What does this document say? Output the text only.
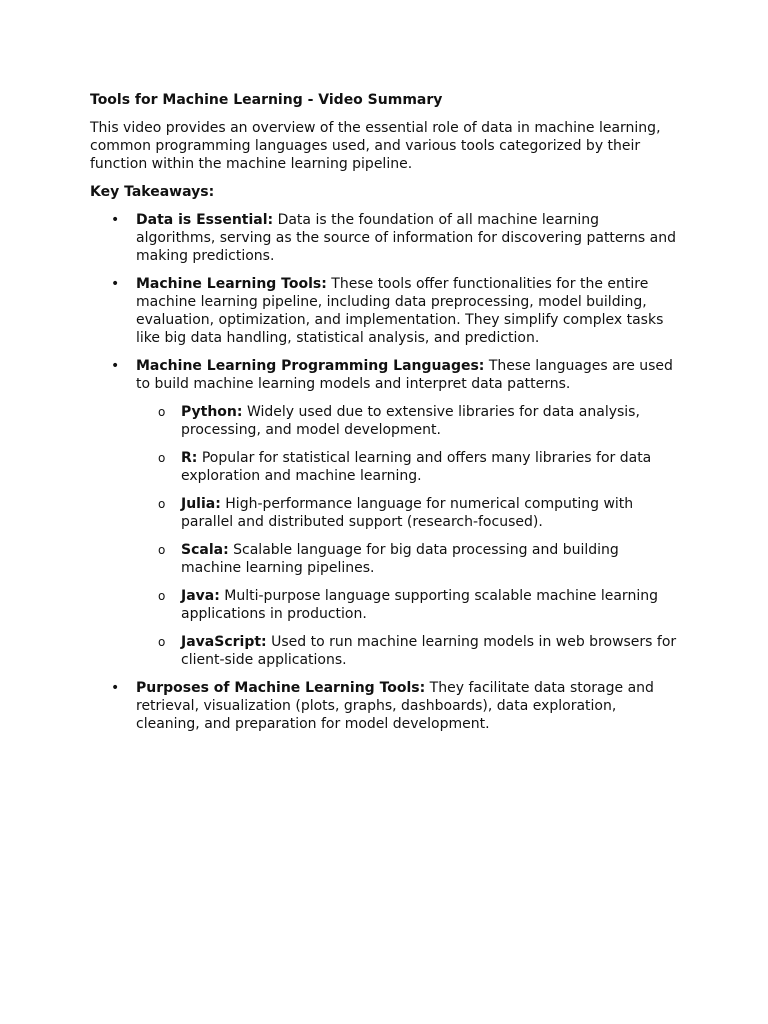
Tools for Machine Learning - Video Summary
This video provides an overview of the essential role of data in machine learning, common programming languages used, and various tools categorized by their function within the machine learning pipeline.
Key Takeaways:
• Data is Essential: Data is the foundation of all machine learning algorithms, serving as the source of information for discovering patterns and making predictions.
• Machine Learning Tools: These tools offer functionalities for the entire machine learning pipeline, including data preprocessing, model building, evaluation, optimization, and implementation. They simplify complex tasks like big data handling, statistical analysis, and prediction.
• Machine Learning Programming Languages: These languages are used to build machine learning models and interpret data patterns.
o Python: Widely used due to extensive libraries for data analysis, processing, and model development.
o R: Popular for statistical learning and offers many libraries for data exploration and machine learning.
o Julia: High-performance language for numerical computing with parallel and distributed support (research-focused).
o Scala: Scalable language for big data processing and building machine learning pipelines.
o Java: Multi-purpose language supporting scalable machine learning applications in production.
o JavaScript: Used to run machine learning models in web browsers for client-side applications.
• Purposes of Machine Learning Tools: They facilitate data storage and retrieval, visualization (plots, graphs, dashboards), data exploration, cleaning, and preparation for model development.
